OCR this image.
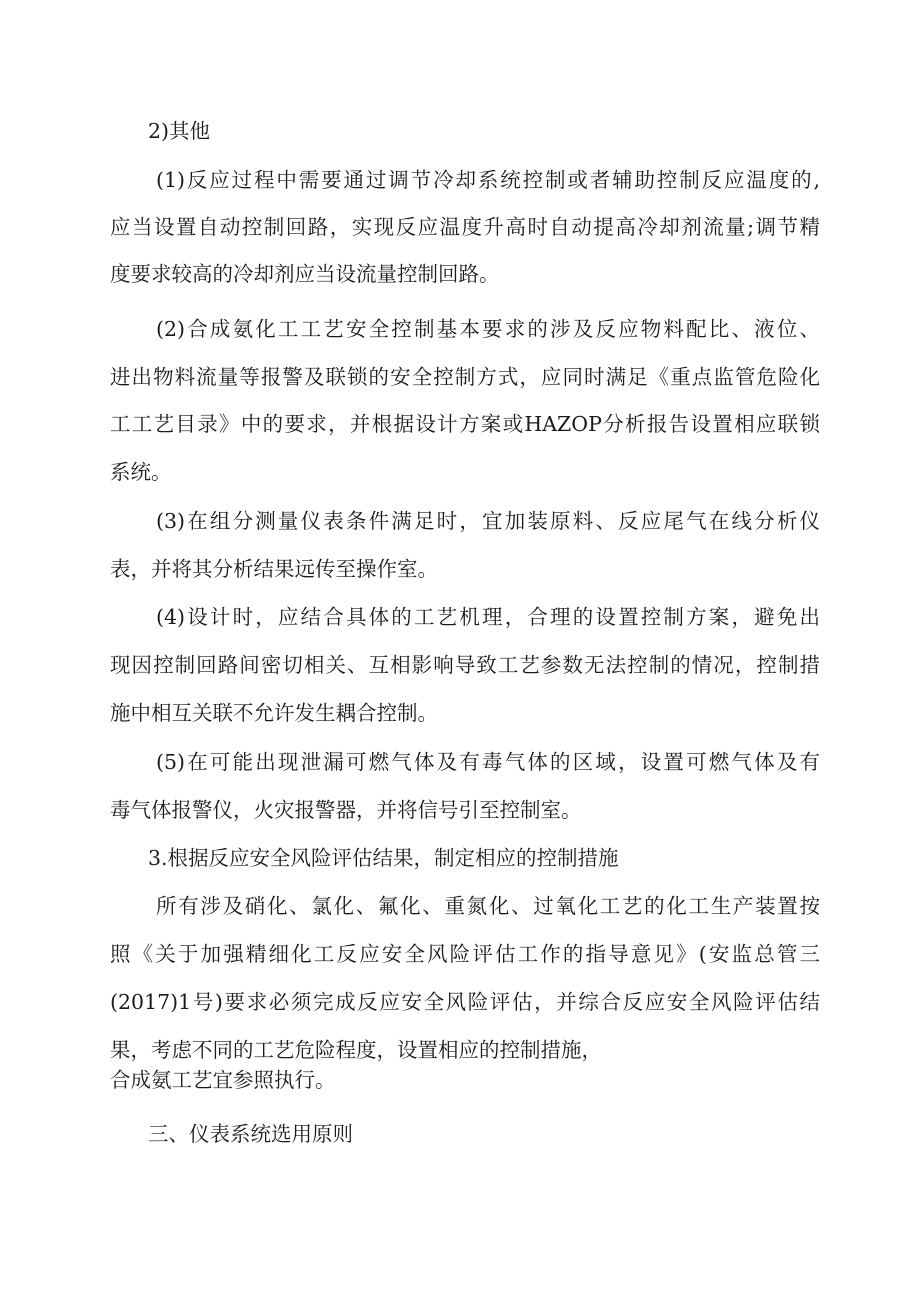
2)其他
(1)反应过程中需要通过调节冷却系统控制或者辅助控制反应温度的,
应当设置自动控制回路，实现反应温度升高时自动提高冷却剂流量;调节精
度要求较高的冷却剂应当设流量控制回路。
(2)合成氨化工工艺安全控制基本要求的涉及反应物料配比、液位、
进出物料流量等报警及联锁的安全控制方式，应同时满足《重点监管危险化
工工艺目录》中的要求，并根据设计方案或HAZOP分析报告设置相应联锁
系统。
(3)在组分测量仪表条件满足时，宜加装原料、反应尾气在线分析仪
表，并将其分析结果远传至操作室。
(4)设计时，应结合具体的工艺机理，合理的设置控制方案，避免出
现因控制回路间密切相关、互相影响导致工艺参数无法控制的情况，控制措
施中相互关联不允许发生耦合控制。
(5)在可能出现泄漏可燃气体及有毒气体的区域，设置可燃气体及有
毒气体报警仪，火灾报警器，并将信号引至控制室。
3.根据反应安全风险评估结果，制定相应的控制措施
所有涉及硝化、氯化、氟化、重氮化、过氧化工艺的化工生产装置按
照《关于加强精细化工反应安全风险评估工作的指导意见》(安监总管三
(2017)1号)要求必须完成反应安全风险评估，并综合反应安全风险评估结
果，考虑不同的工艺危险程度，设置相应的控制措施，
合成氨工艺宜参照执行。
三、仪表系统选用原则
